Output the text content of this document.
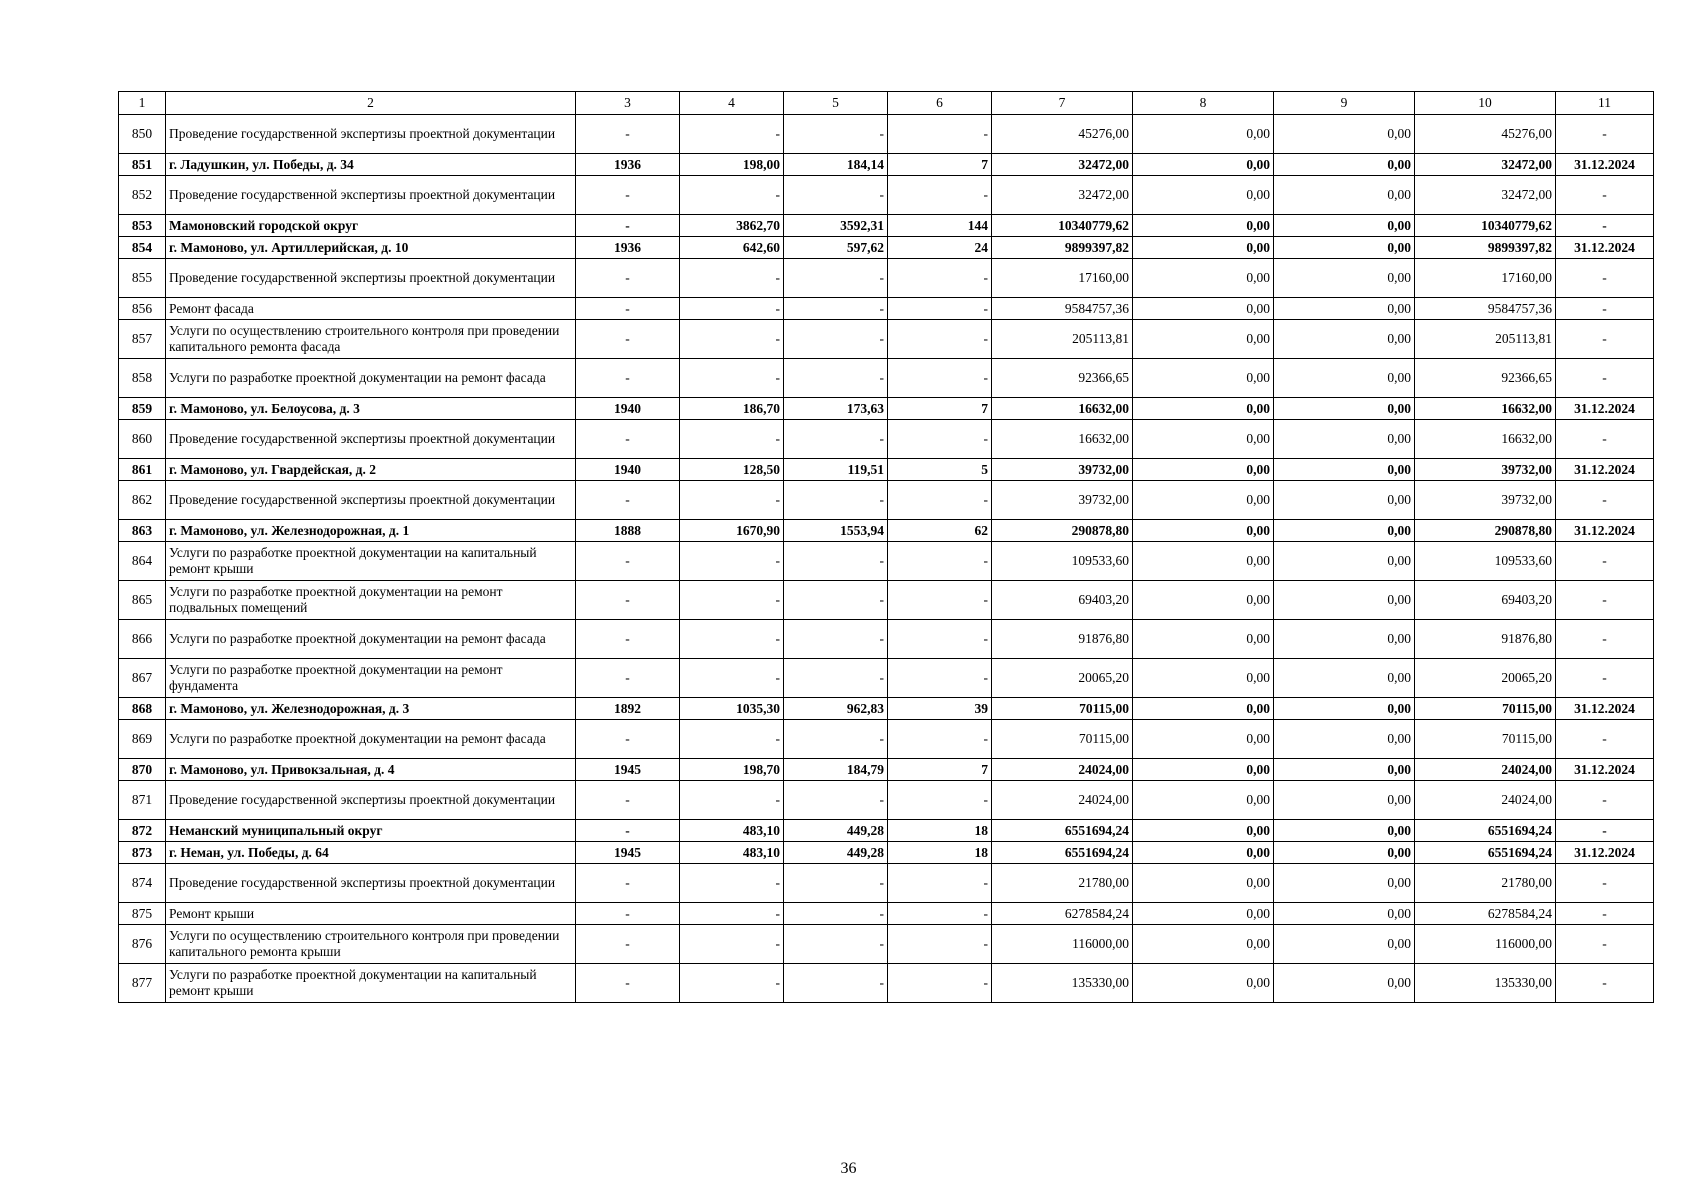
1	2	3	4	5	6	7	8	9	10	11
850	Проведение государственной экспертизы проектной документации	-	-	-	-	45276,00	0,00	0,00	45276,00	-
851	г. Ладушкин, ул. Победы, д. 34	1936	198,00	184,14	7	32472,00	0,00	0,00	32472,00	31.12.2024
852	Проведение государственной экспертизы проектной документации	-	-	-	-	32472,00	0,00	0,00	32472,00	-
853	Мамоновский городской округ	-	3862,70	3592,31	144	10340779,62	0,00	0,00	10340779,62	-
854	г. Мамоново, ул. Артиллерийская, д. 10	1936	642,60	597,62	24	9899397,82	0,00	0,00	9899397,82	31.12.2024
855	Проведение государственной экспертизы проектной документации	-	-	-	-	17160,00	0,00	0,00	17160,00	-
856	Ремонт фасада	-	-	-	-	9584757,36	0,00	0,00	9584757,36	-
857	Услуги по осуществлению строительного контроля при проведении капитального ремонта фасада	-	-	-	-	205113,81	0,00	0,00	205113,81	-
858	Услуги по разработке проектной документации на ремонт фасада	-	-	-	-	92366,65	0,00	0,00	92366,65	-
859	г. Мамоново, ул. Белоусова, д. 3	1940	186,70	173,63	7	16632,00	0,00	0,00	16632,00	31.12.2024
860	Проведение государственной экспертизы проектной документации	-	-	-	-	16632,00	0,00	0,00	16632,00	-
861	г. Мамоново, ул. Гвардейская, д. 2	1940	128,50	119,51	5	39732,00	0,00	0,00	39732,00	31.12.2024
862	Проведение государственной экспертизы проектной документации	-	-	-	-	39732,00	0,00	0,00	39732,00	-
863	г. Мамоново, ул. Железнодорожная, д. 1	1888	1670,90	1553,94	62	290878,80	0,00	0,00	290878,80	31.12.2024
864	Услуги по разработке проектной документации на капитальный ремонт крыши	-	-	-	-	109533,60	0,00	0,00	109533,60	-
865	Услуги по разработке проектной документации на ремонт подвальных помещений	-	-	-	-	69403,20	0,00	0,00	69403,20	-
866	Услуги по разработке проектной документации на ремонт фасада	-	-	-	-	91876,80	0,00	0,00	91876,80	-
867	Услуги по разработке проектной документации на ремонт фундамента	-	-	-	-	20065,20	0,00	0,00	20065,20	-
868	г. Мамоново, ул. Железнодорожная, д. 3	1892	1035,30	962,83	39	70115,00	0,00	0,00	70115,00	31.12.2024
869	Услуги по разработке проектной документации на ремонт фасада	-	-	-	-	70115,00	0,00	0,00	70115,00	-
870	г. Мамоново, ул. Привокзальная, д. 4	1945	198,70	184,79	7	24024,00	0,00	0,00	24024,00	31.12.2024
871	Проведение государственной экспертизы проектной документации	-	-	-	-	24024,00	0,00	0,00	24024,00	-
872	Неманский муниципальный округ	-	483,10	449,28	18	6551694,24	0,00	0,00	6551694,24	-
873	г. Неман, ул. Победы, д. 64	1945	483,10	449,28	18	6551694,24	0,00	0,00	6551694,24	31.12.2024
874	Проведение государственной экспертизы проектной документации	-	-	-	-	21780,00	0,00	0,00	21780,00	-
875	Ремонт крыши	-	-	-	-	6278584,24	0,00	0,00	6278584,24	-
876	Услуги по осуществлению строительного контроля при проведении капитального ремонта крыши	-	-	-	-	116000,00	0,00	0,00	116000,00	-
877	Услуги по разработке проектной документации на капитальный ремонт крыши	-	-	-	-	135330,00	0,00	0,00	135330,00	-
36
